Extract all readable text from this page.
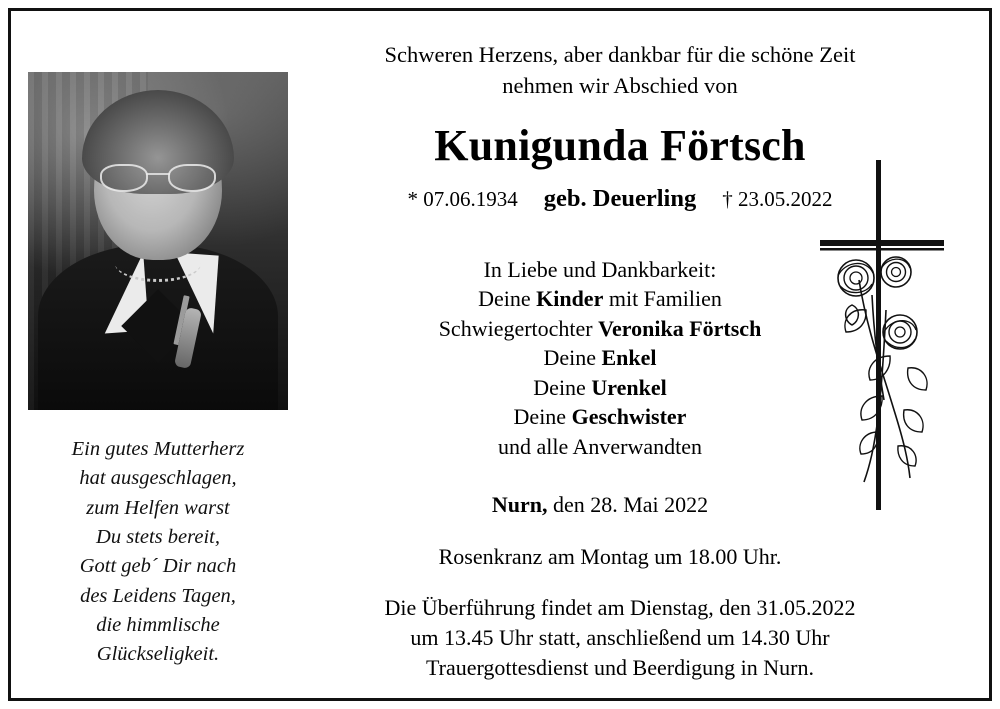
Ein gutes Mutterherz
hat ausgeschlagen,
zum Helfen warst
Du stets bereit,
Gott geb´ Dir nach
des Leidens Tagen,
die himmlische
Glückseligkeit.
Schweren Herzens, aber dankbar für die schöne Zeit
nehmen wir Abschied von
Kunigunda Förtsch
* 07.06.1934 geb. Deuerling † 23.05.2022
In Liebe und Dankbarkeit:
Deine Kinder mit Familien
Schwiegertochter Veronika Förtsch
Deine Enkel
Deine Urenkel
Deine Geschwister
und alle Anverwandten
Nurn, den 28. Mai 2022
Rosenkranz am Montag um 18.00 Uhr.
Die Überführung findet am Dienstag, den 31.05.2022
um 13.45 Uhr statt, anschließend um 14.30 Uhr
Trauergottesdienst und Beerdigung in Nurn.
